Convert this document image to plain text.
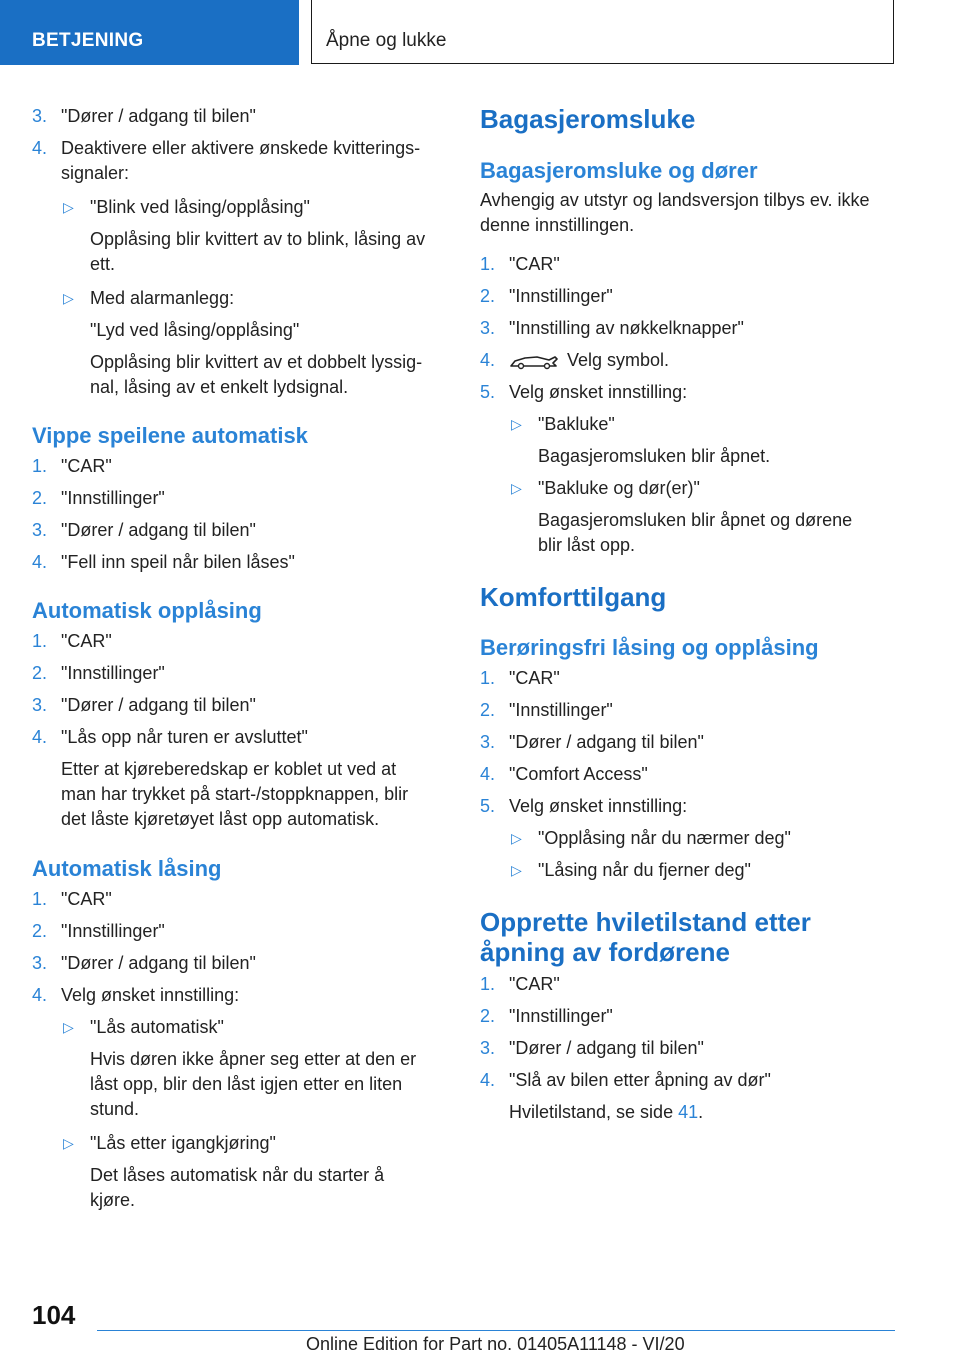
BETJENING	Åpne og lukke
3. "Dører / adgang til bilen"
4. Deaktivere eller aktivere ønskede kvitterings-
signaler:
▷ "Blink ved låsing/opplåsing"
Opplåsing blir kvittert av to blink, låsing av
ett.
▷ Med alarmanlegg:
"Lyd ved låsing/opplåsing"
Opplåsing blir kvittert av et dobbelt lyssig-
nal, låsing av et enkelt lydsignal.
Vippe speilene automatisk
1. "CAR"
2. "Innstillinger"
3. "Dører / adgang til bilen"
4. "Fell inn speil når bilen låses"
Automatisk opplåsing
1. "CAR"
2. "Innstillinger"
3. "Dører / adgang til bilen"
4. "Lås opp når turen er avsluttet"
Etter at kjøreberedskap er koblet ut ved at
man har trykket på start-/stoppknappen, blir
det låste kjøretøyet låst opp automatisk.
Automatisk låsing
1. "CAR"
2. "Innstillinger"
3. "Dører / adgang til bilen"
4. Velg ønsket innstilling:
▷ "Lås automatisk"
Hvis døren ikke åpner seg etter at den er
låst opp, blir den låst igjen etter en liten
stund.
▷ "Lås etter igangkjøring"
Det låses automatisk når du starter å
kjøre.
Bagasjeromsluke
Bagasjeromsluke og dører
Avhengig av utstyr og landsversjon tilbys ev. ikke
denne innstillingen.
1. "CAR"
2. "Innstillinger"
3. "Innstilling av nøkkelknapper"
4.	Velg symbol.
5. Velg ønsket innstilling:
▷ "Bakluke"
Bagasjeromsluken blir åpnet.
▷ "Bakluke og dør(er)"
Bagasjeromsluken blir åpnet og dørene
blir låst opp.
Komforttilgang
Berøringsfri låsing og opplåsing
1. "CAR"
2. "Innstillinger"
3. "Dører / adgang til bilen"
4. "Comfort Access"
5. Velg ønsket innstilling:
▷ "Opplåsing når du nærmer deg"
▷ "Låsing når du fjerner deg"
Opprette hviletilstand etter
åpning av fordørene
1. "CAR"
2. "Innstillinger"
3. "Dører / adgang til bilen"
4. "Slå av bilen etter åpning av dør"
Hviletilstand, se side 41.
104
Online Edition for Part no. 01405A11148 - VI/20
